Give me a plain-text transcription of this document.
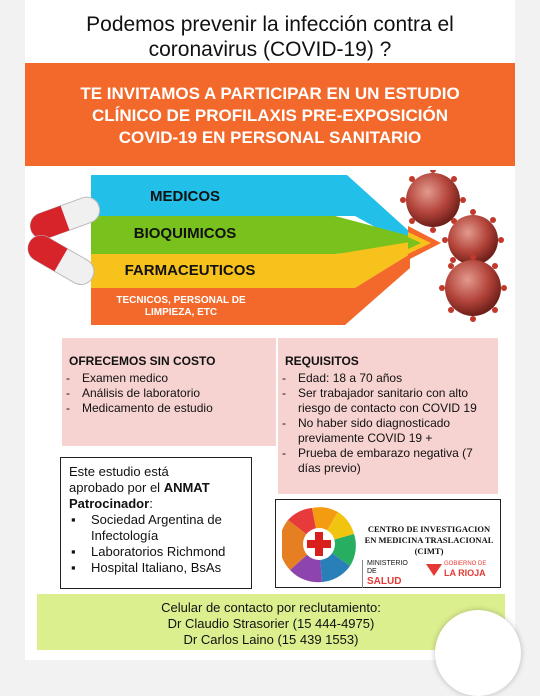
Podemos prevenir la infección contra el
coronavirus (COVID-19) ?
TE INVITAMOS A PARTICIPAR EN UN ESTUDIO
CLÍNICO DE PROFILAXIS PRE-EXPOSICIÓN
COVID-19 EN PERSONAL SANITARIO
MEDICOS
BIOQUIMICOS
FARMACEUTICOS
TECNICOS, PERSONAL DE
LIMPIEZA, ETC
OFRECEMOS SIN COSTO
- Examen medico
- Análisis de laboratorio
- Medicamento de estudio
REQUISITOS
- Edad: 18 a 70 años
- Ser trabajador sanitario con alto riesgo de contacto con COVID 19
- No haber sido diagnosticado previamente COVID 19 +
- Prueba de embarazo negativa (7 días previo)
Este estudio está
aprobado por el ANMAT
Patrocinador:
▪ Sociedad Argentina de Infectología
▪ Laboratorios Richmond
▪ Hospital Italiano, BsAs
CENTRO DE INVESTIGACION
EN MEDICINA TRASLACIONAL
(CIMT)
MINISTERIO DE
SALUD
GOBIERNO DE
LA RIOJA
Celular de contacto por reclutamiento:
Dr Claudio Strasorier (15 444-4975)
Dr Carlos Laino (15 439 1553)
